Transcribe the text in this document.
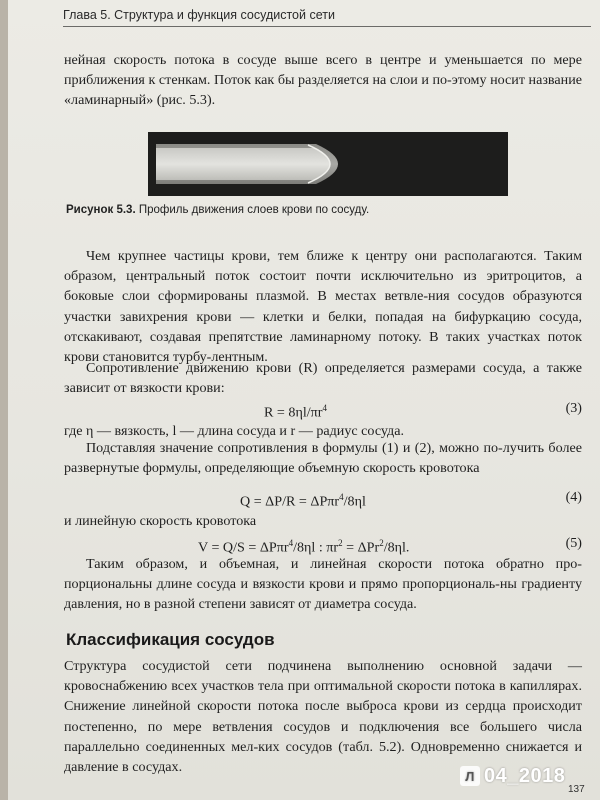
Глава 5. Структура и функция сосудистой сети

нейная скорость потока в сосуде выше всего в центре и уменьшается по мере приближения к стенкам. Поток как бы разделяется на слои и по-этому носит название «ламинарный» (рис. 5.3).

Рисунок 5.3. Профиль движения слоев крови по сосуду.

Чем крупнее частицы крови, тем ближе к центру они располагаются. Таким образом, центральный поток состоит почти исключительно из эритроцитов, а боковые слои сформированы плазмой. В местах ветвле-ния сосудов образуются участки завихрения крови — клетки и белки, попадая на бифуркацию сосуда, отскакивают, создавая препятствие ламинарному потоку. В таких участках поток крови становится турбу-лентным.

Сопротивление движению крови (R) определяется размерами сосуда, а также зависит от вязкости крови:

$R = 8\eta l/\pi r^4$	(3)

где η — вязкость, l — длина сосуда и r — радиус сосуда.

Подставляя значение сопротивления в формулы (1) и (2), можно по-лучить более развернутые формулы, определяющие объемную скорость кровотока

Q = ΔP/R = ΔPπr$^4$/8ηl	(4)

и линейную скорость кровотока

V = Q/S = ΔPπr$^4$/8ηl : $\pi r^2 = \Delta Pr^2/8\eta l$.	(5)

Таким образом, и объемная, и линейная скорости потока обратно про-порциональны длине сосуда и вязкости крови и прямо пропорциональ-ны градиенту давления, но в разной степени зависят от диаметра сосуда.

Классификация сосудов

Структура сосудистой сети подчинена выполнению основной задачи — кровоснабжению всех участков тела при оптимальной скорости потока в капиллярах. Снижение линейной скорости потока после выброса крови из сердца происходит постепенно, по мере ветвления сосудов и подключения все большего числа параллельно соединенных мел-ких сосудов (табл. 5.2). Одновременно снижается и давление в сосудах.

137
Л 04_2018
